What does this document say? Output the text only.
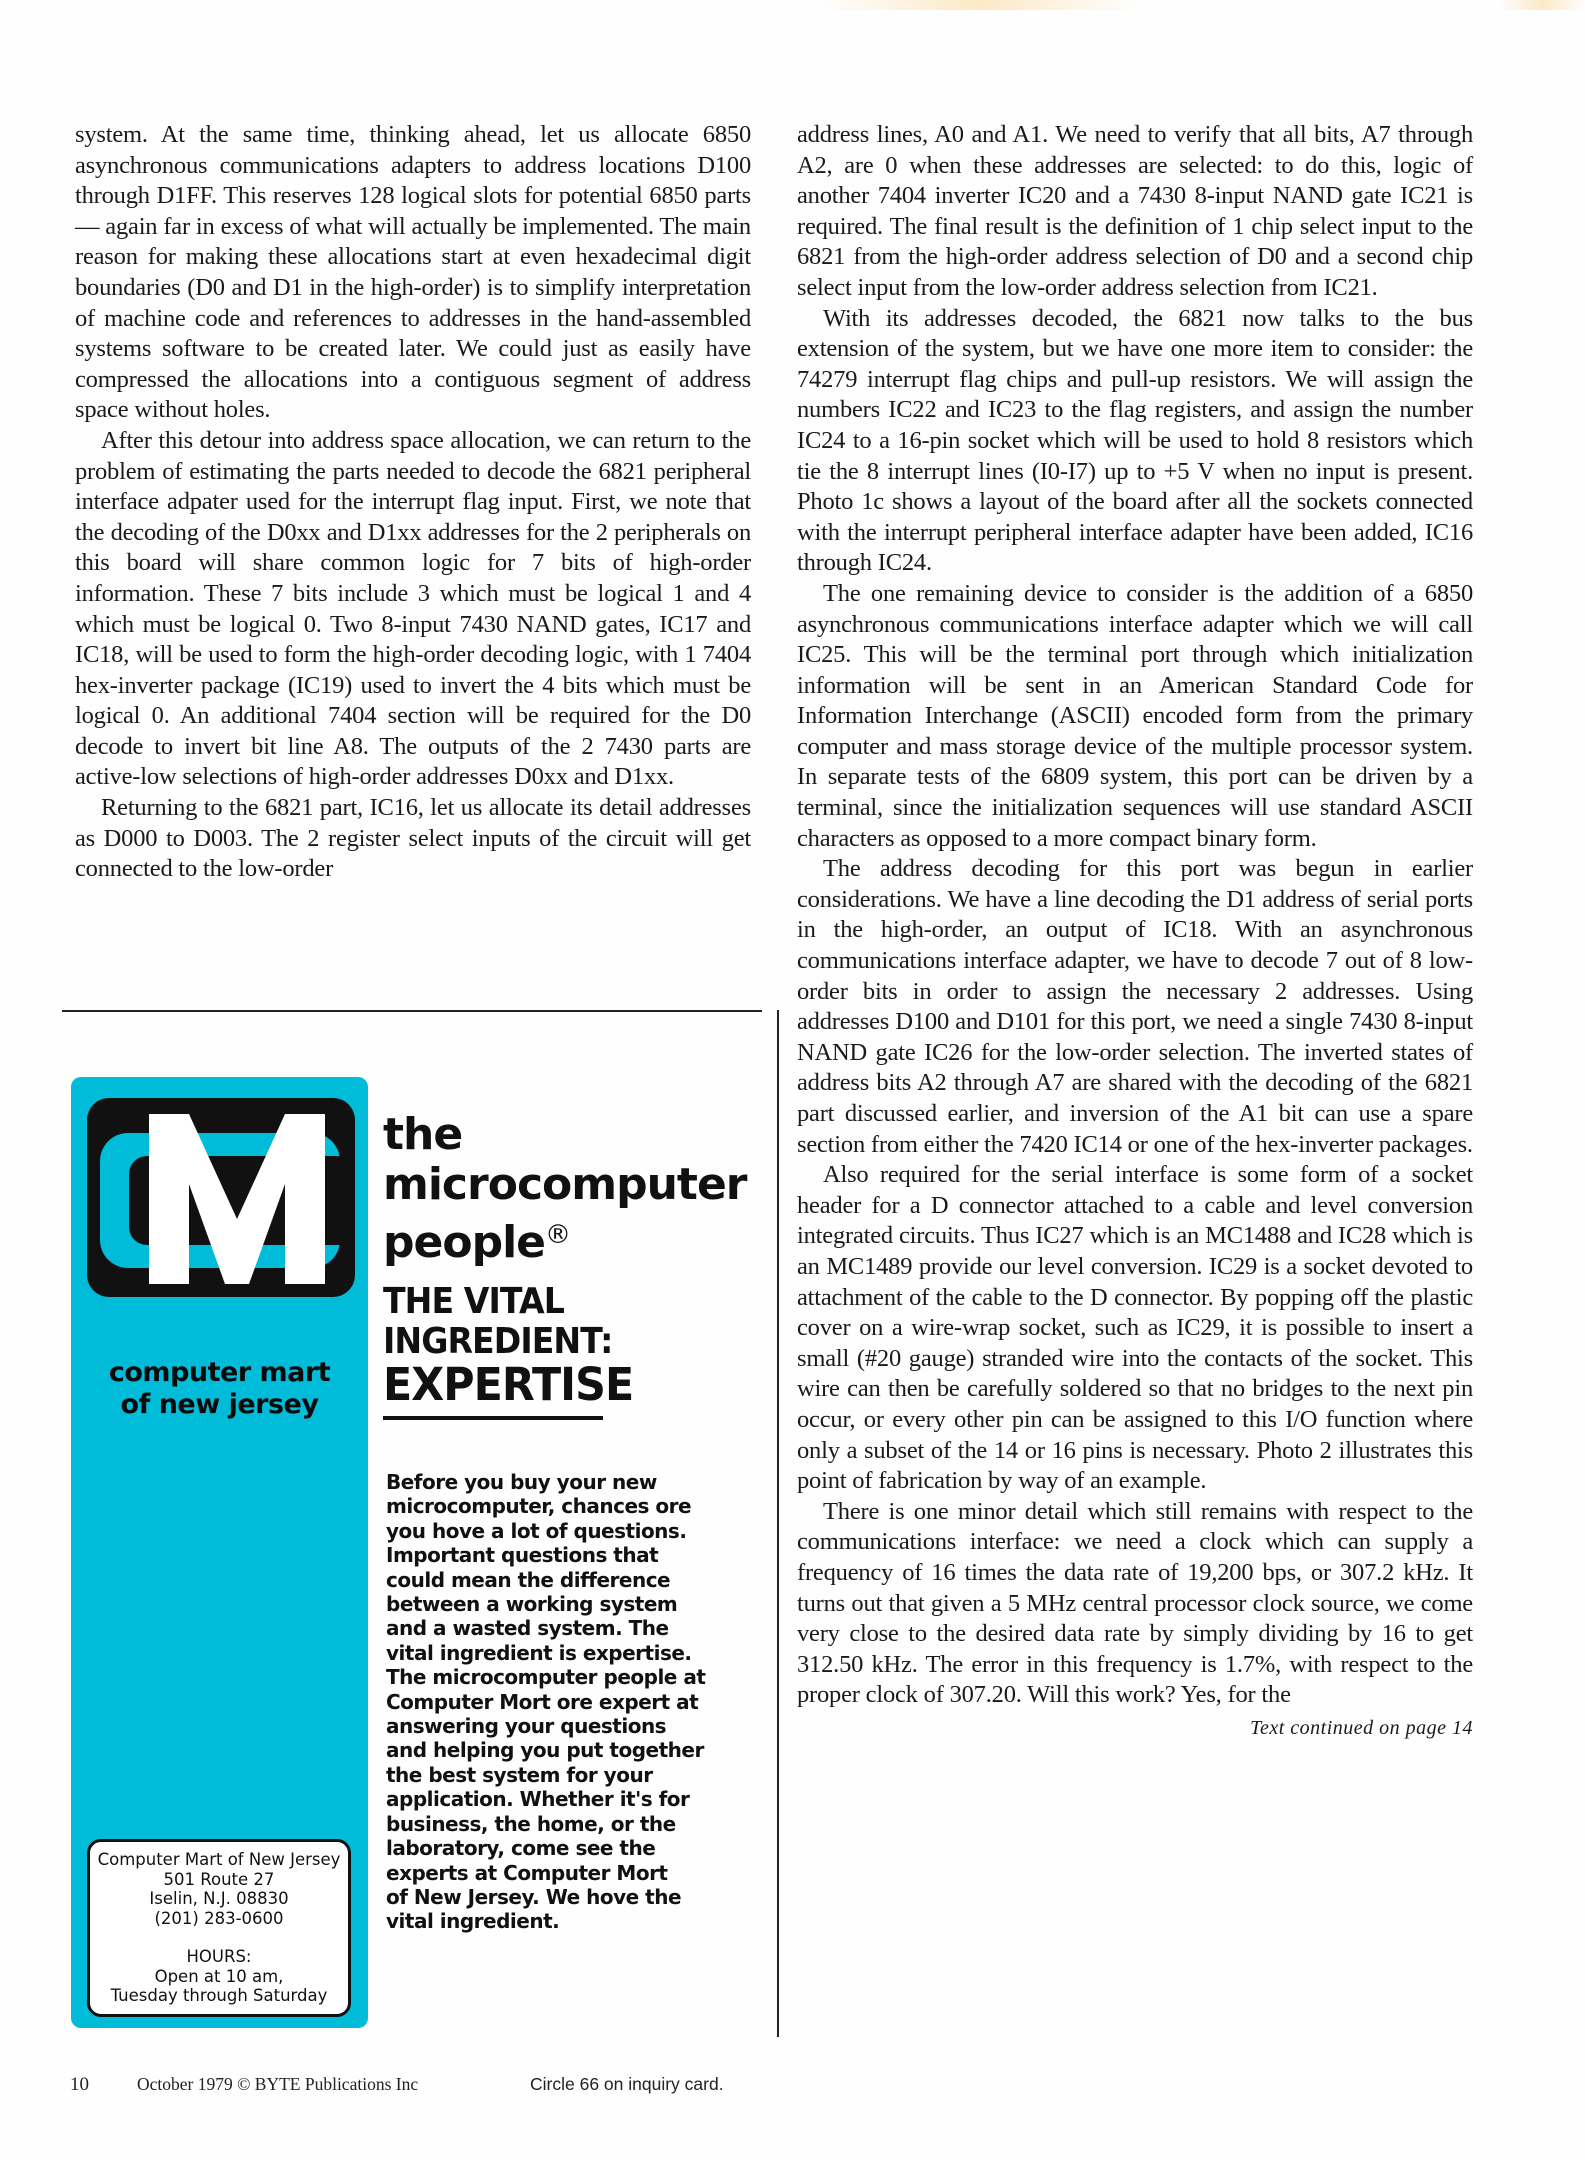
system. At the same time, thinking ahead, let us allocate 6850 asynchronous communications adapters to address locations D100 through D1FF. This reserves 128 logical slots for potential 6850 parts — again far in excess of what will actually be implemented. The main reason for making these allocations start at even hexadecimal digit boundaries (D0 and D1 in the high-order) is to simplify interpretation of machine code and references to addresses in the hand-assembled systems software to be created later. We could just as easily have compressed the allocations into a contiguous segment of address space without holes.

After this detour into address space allocation, we can return to the problem of estimating the parts needed to decode the 6821 peripheral interface adpater used for the interrupt flag input. First, we note that the decoding of the D0xx and D1xx addresses for the 2 peripherals on this board will share common logic for 7 bits of high-order information. These 7 bits include 3 which must be logical 1 and 4 which must be logical 0. Two 8-input 7430 NAND gates, IC17 and IC18, will be used to form the high-order decoding logic, with 1 7404 hex-inverter package (IC19) used to invert the 4 bits which must be logical 0. An additional 7404 section will be required for the D0 decode to invert bit line A8. The outputs of the 2 7430 parts are active-low selections of high-order addresses D0xx and D1xx.

Returning to the 6821 part, IC16, let us allocate its detail addresses as D000 to D003. The 2 register select inputs of the circuit will get connected to the low-order

address lines, A0 and A1. We need to verify that all bits, A7 through A2, are 0 when these addresses are selected: to do this, logic of another 7404 inverter IC20 and a 7430 8-input NAND gate IC21 is required. The final result is the definition of 1 chip select input to the 6821 from the high-order address selection of D0 and a second chip select input from the low-order address selection from IC21.

With its addresses decoded, the 6821 now talks to the bus extension of the system, but we have one more item to consider: the 74279 interrupt flag chips and pull-up resistors. We will assign the numbers IC22 and IC23 to the flag registers, and assign the number IC24 to a 16-pin socket which will be used to hold 8 resistors which tie the 8 interrupt lines (I0-I7) up to +5 V when no input is present. Photo 1c shows a layout of the board after all the sockets connected with the interrupt peripheral interface adapter have been added, IC16 through IC24.

The one remaining device to consider is the addition of a 6850 asynchronous communications interface adapter which we will call IC25. This will be the terminal port through which initialization information will be sent in an American Standard Code for Information Interchange (ASCII) encoded form from the primary computer and mass storage device of the multiple processor system. In separate tests of the 6809 system, this port can be driven by a terminal, since the initialization sequences will use standard ASCII characters as opposed to a more compact binary form.

The address decoding for this port was begun in earlier considerations. We have a line decoding the D1 address of serial ports in the high-order, an output of IC18. With an asynchronous communications interface adapter, we have to decode 7 out of 8 low-order bits in order to assign the necessary 2 addresses. Using addresses D100 and D101 for this port, we need a single 7430 8-input NAND gate IC26 for the low-order selection. The inverted states of address bits A2 through A7 are shared with the decoding of the 6821 part discussed earlier, and inversion of the A1 bit can use a spare section from either the 7420 IC14 or one of the hex-inverter packages.

Also required for the serial interface is some form of a socket header for a D connector attached to a cable and level conversion integrated circuits. Thus IC27 which is an MC1488 and IC28 which is an MC1489 provide our level conversion. IC29 is a socket devoted to attachment of the cable to the D connector. By popping off the plastic cover on a wire-wrap socket, such as IC29, it is possible to insert a small (#20 gauge) stranded wire into the contacts of the socket. This wire can then be carefully soldered so that no bridges to the next pin occur, or every other pin can be assigned to this I/O function where only a subset of the 14 or 16 pins is necessary. Photo 2 illustrates this point of fabrication by way of an example.

There is one minor detail which still remains with respect to the communications interface: we need a clock which can supply a frequency of 16 times the data rate of 19,200 bps, or 307.2 kHz. It turns out that given a 5 MHz central processor clock source, we come very close to the desired data rate by simply dividing by 16 to get 312.50 kHz. The error in this frequency is 1.7%, with respect to the proper clock of 307.20. Will this work? Yes, for the

Text continued on page 14
computer mart
of new jersey
Computer Mart of New Jersey
501 Route 27
Iselin, N.J. 08830
(201) 283-0600
HOURS:
Open at 10 am,
Tuesday through Saturday
the
microcomputer
people®
THE VITAL
INGREDIENT:
EXPERTISE
Before you buy your new
microcomputer, chances ore
you hove a lot of questions.
Important questions that
could mean the difference
between a working system
and a wasted system. The
vital ingredient is expertise.
The microcomputer people at
Computer Mort ore expert at
answering your questions
and helping you put together
the best system for your
application. Whether it's for
business, the home, or the
laboratory, come see the
experts at Computer Mort
of New Jersey. We hove the
vital ingredient.
10	October 1979 © BYTE Publications Inc	Circle 66 on inquiry card.
